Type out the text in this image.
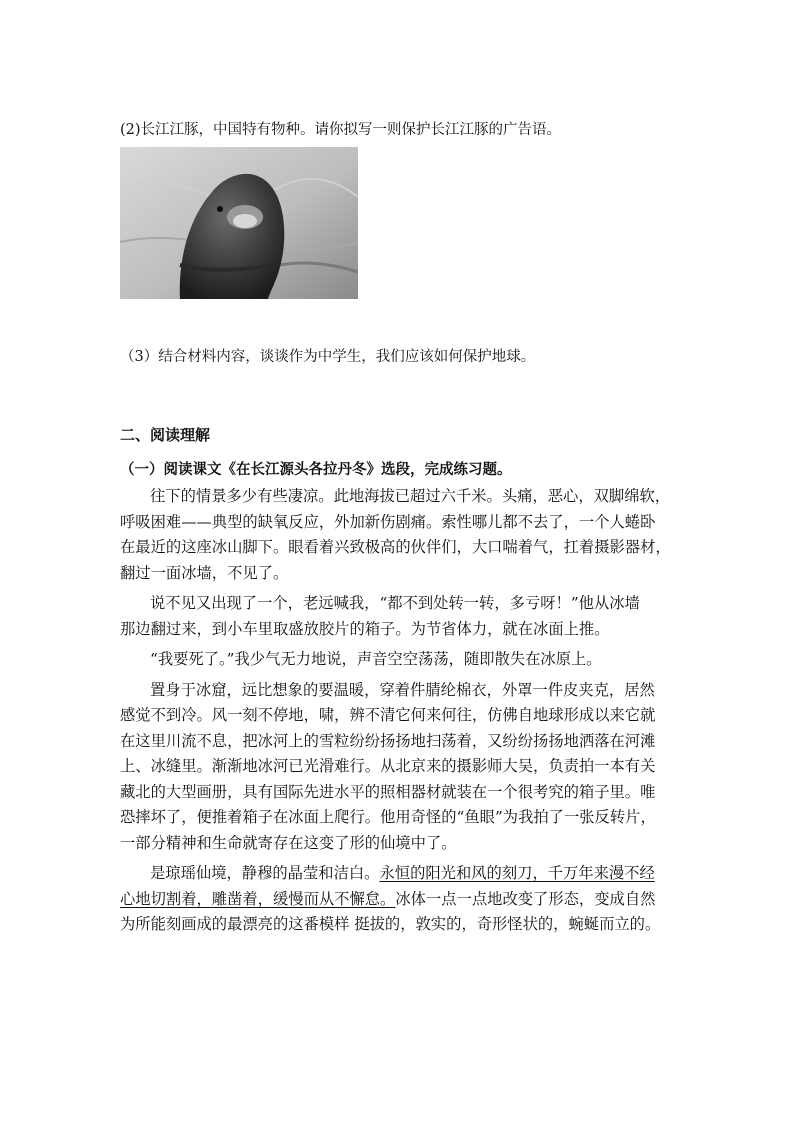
(2)长江江豚，中国特有物种。请你拟写一则保护长江江豚的广告语。
（3）结合材料内容，谈谈作为中学生，我们应该如何保护地球。
二、阅读理解
（一）阅读课文《在长江源头各拉丹冬》选段，完成练习题。

往下的情景多少有些凄凉。此地海拔已超过六千米。头痛，恶心，双脚绵软，
呼吸困难——典型的缺氧反应，外加新伤剧痛。索性哪儿都不去了，一个人蜷卧
在最近的这座冰山脚下。眼看着兴致极高的伙伴们，大口喘着气，扛着摄影器材，
翻过一面冰墙，不见了。

说不见又出现了一个，老远喊我，“都不到处转一转，多亏呀！”他从冰墙
那边翻过来，到小车里取盛放胶片的箱子。为节省体力，就在冰面上推。

“我要死了。”我少气无力地说，声音空空荡荡，随即散失在冰原上。

置身于冰窟，远比想象的要温暖，穿着件腈纶棉衣，外罩一件皮夹克，居然
感觉不到冷。风一刻不停地，啸，辨不清它何来何往，仿佛自地球形成以来它就
在这里川流不息，把冰河上的雪粒纷纷扬扬地扫荡着，又纷纷扬扬地洒落在河滩
上、冰缝里。渐渐地冰河已光滑难行。从北京来的摄影师大吴，负责拍一本有关
藏北的大型画册，具有国际先进水平的照相器材就装在一个很考究的箱子里。唯
恐摔坏了，便推着箱子在冰面上爬行。他用奇怪的“鱼眼”为我拍了一张反转片，
一部分精神和生命就寄存在这变了形的仙境中了。

是琼瑶仙境，静穆的晶莹和洁白。永恒的阳光和风的刻刀，千万年来漫不经
心地切割着，雕凿着，缓慢而从不懈怠。冰体一点一点地改变了形态，变成自然
为所能刻画成的最漂亮的这番模样 挺拔的，敦实的，奇形怪状的，蜿蜒而立的。
